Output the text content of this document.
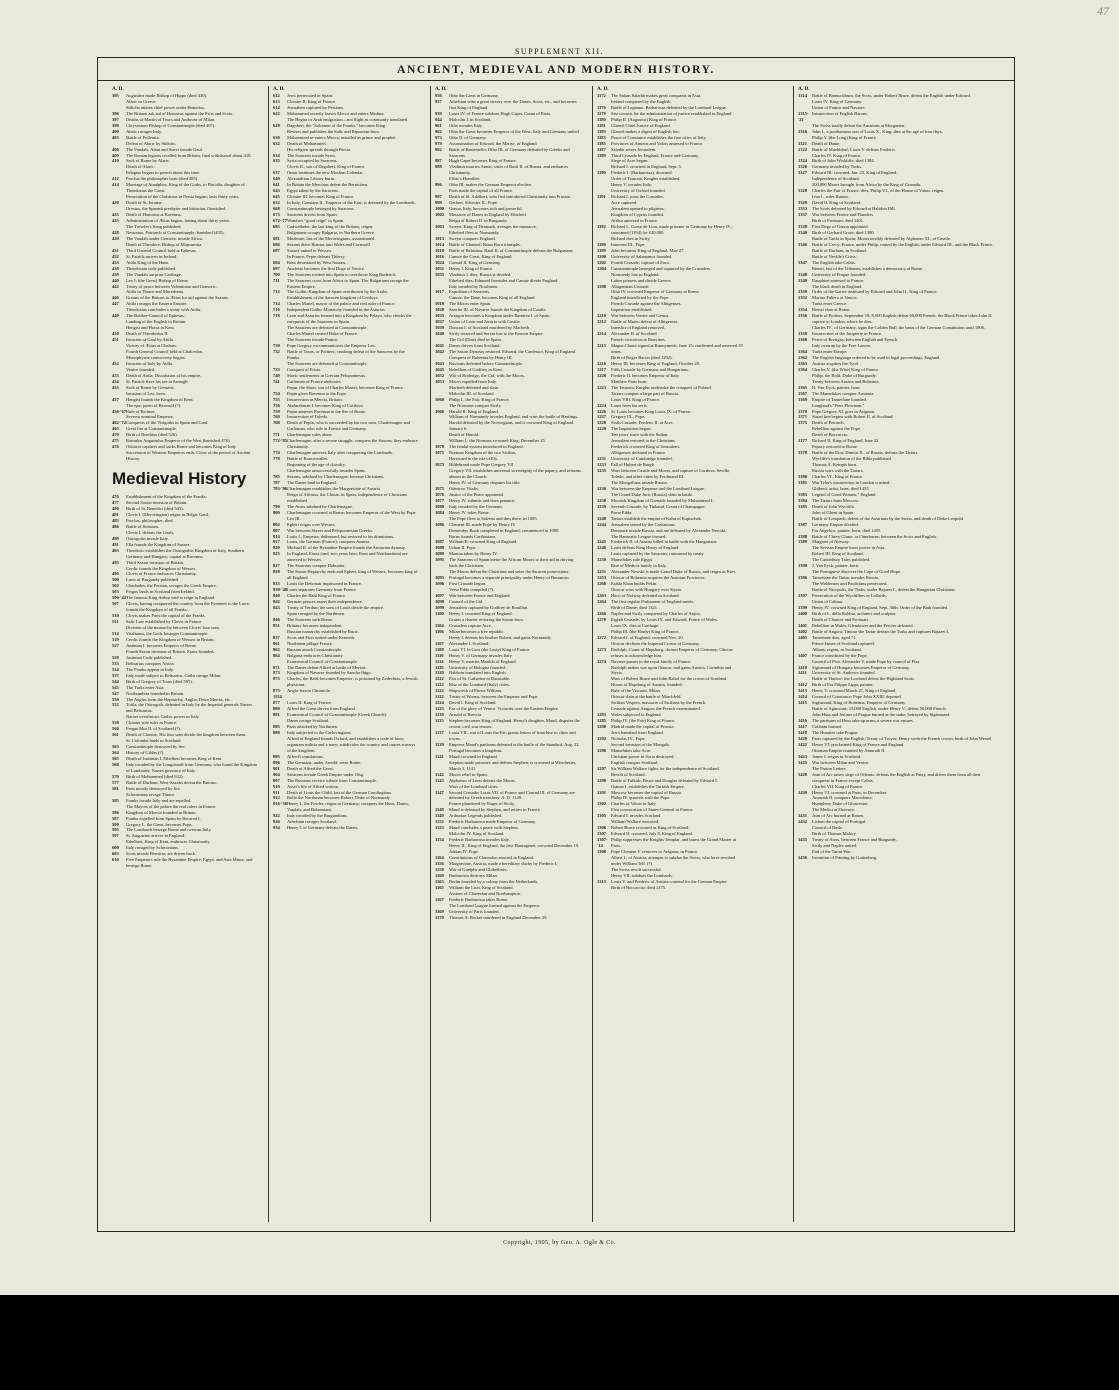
47
SUPPLEMENT XII.
ANCIENT, MEDIEVAL AND MODERN HISTORY.
A. D.
395	Augustine made Bishop of Hippo (died 430).
Alaric in Greece.
Stilicho attains chief power under Honorius.
396	The Britons ask aid of Honorius against the Picts and Scots.
397	Deaths of Martin of Tours and Ambrose of Milan.
398	Chrysostom Bishop of Constantinople (died 407).
400	Alaric ravages Italy.
403	Battle of Pollentia.
Defeat of Alaric by Stilicho.
406	The Vandals, Alani and Suevi invade Gaul.
409	The Roman legions recalled from Britain; final withdrawal about 418.
410	Sack of Rome by Alaric.
Death of Alaric.
Pelagius begins to preach about this time.
412	Proclus the philosopher born (died 485).
414	Marriage of Ataulphus, King of the Goths, to Placidia, daughter of Theodosius the Great.
Persecution of the Christians in Persia begins; lasts thirty years.
420	Death of St. Jerome.
Orosius, the Spanish presbyter and historian, flourished.
423	Death of Honorius at Ravenna.
425	Administration of Ætius begins, lasting about thirty years.
The Treveler's Song published.
428	Nestorius, Patriarch of Constantinople, banished (435).
429	The Vandals under Genseric invade Africa.
Death of Theodore, Bishop of Mopsuestia.
431	Third General Council held at Ephesus.
432	St. Patrick arrives in Ireland.
433	Attila King of the Huns.
438	Theodosian code published.
439	The Vandals surprise Carthage.
440	Leo I. (the Great) Bishop of Rome.
442	Treaty of peace between Valentinian and Genseric.
Attila in Thrace and Macedonia.
446	Groans of the Britons to Ætius for aid against the Saxons.
447	Attila ravages the Eastern Empire.
Theodosius concludes a treaty with Attila.
449	The Robber-Council of Ephesus.
Landing of the English in Britain.
Hengist and Horsa in Kent.
450	Death of Theodosius II.
451	Invasion of Gaul by Attila.
Victory of Ætius at Chalons.
Fourth General Council held at Chalcedon.
Monophysite controversy begins.
452	Invasion of Italy by Attila.
Venice founded.
453	Death of Attila. Dissolution of his empire.
454	St. Patrick fixes his see at Armagh.
455	Sack of Rome by Genseric.
Invasion of Leo, born.
457	Hengist founds the Kingdom of Kent.
The epic poem of Beowulf (?).
456-'67 Rule of Ricimer.
Severus nominal Emperor.
462-'72 Conquests of the Visigoths in Spain and Gaul.
465	Great fire at Constantinople.
470	Birth of Boethius (died 526).
475	Romulus Augustulus Emperor of the West (banished 476).
476	Odoacer captures and sacks Rome and becomes King of Italy.
Succession of Western Emperors ends. Close of the period of Ancient History.
Medieval History
476	Establishment of the Kingdom of the Franks.
477	Second Saxon invasion of Britain.
480	Birth of St. Benedict (died 543).
481	Clovis I. (Merovingian) reigns in Belgic Gaul.
485	Proclus, philosopher, died.
486	Battle of Soissons.
Clovis I. defeats the Gauls.
489	Ostrogoths invade Italy.
491	Ella founds the Kingdom of Sussex.
493	Theodoric establishes the Ostrogothic Kingdom of Italy, Southern Germany and Hungary; capital at Ravenna.
495	Third Saxon invasion of Britain.
Cerdic founds the Kingdom of Wessex.
496	Clovis of France embraces Christianity.
500	Laws of Burgundy published.
502	Charbades, the Persian, ravages the Greek Empire.
503	Fergus lands in Scotland from Ireland.
506-'42 The famous King Arthur said to reign in England.
507	Clovis, having conquered the country from the Pyrenees to the Loire, founds the Kingdom of all Franks.
510	Clovis makes Paris the capital of the Franks.
511	Salic Law established by Clovis in France.
Division of the monarchy between Clovis' four sons.
514	Vitalianus, the Goth, besieges Constantinople.
519	Cerdic founds the Kingdom of Wessex in Britain.
527	Justinian I. becomes Emperor of Rome.
Fourth Saxon invasion of Britain. Essex founded.
529	Justinian Code published.
533	Belisarius conquers Africa.
534	The Franks appear in Italy.
537	Italy made subject to Belisarius. Goths ravage Milan.
544	Birth of Gregory of Tours (died 595).
545	The Turks enter Asia.
547	Northumbria founded in Britain.
550	The Angles form the Heptarchy, Anglia, Deira Mercia, etc.
552	Totila, the Ostrogoth, defeated in Italy by the Imperial generals Narses and Belisarius.
Narses overthrows Gothic power in Italy.
558	Clotaire sole ruler in France.
560	Fergus Mor II. of Scotland (?).
561	Death of Clotaire. His four sons divide the kingdom between them.
St. Colomba lands in Scotland.
563	Constantinople destroyed by fire.
564	History of Gildas (?).
565	Death of Justinian I. Ethelbert becomes King of Kent.
568	Italy invaded by the Longobardi from Germany, who found the Kingdom of Lombardy. Narses governor of Italy.
570	Birth of Mohammed (died 632).
577	Battle of Durham; West-Saxons defeat the Britons.
581	Paris mostly destroyed by fire.
Sclavonians ravage Thrace.
585	Franks invade Italy and are repelled.
The Mayors of the palace the real rulers in France.
586	Kingdom of Mercia founded in Britain.
587	Franks expelled from Spain by Recared I.
590	Gregory I., the Great, becomes Pope.
595	The Lombards besiege Rome and overrun Italy.
597	St. Augustine arrives in England.
Ethelbert, King of Kent, embraces Christianity.
600	Italy ravaged by Sclavonians.
603	Scots invade Bernicia; are driven back.
610	Five Emperors rule the Byzantine Empire; Egypt, and Asia Minor, and besiege Rome.
A. D.
612	Jews persecuted in Spain.
613	Clotaire II. King of France.
614	Jerusalem captured by Persians.
622	Mohammed secretly leaves Mecca and enters Medina.
The Hegira or Arab emigration—not flight as commonly translated.
628	Dagobert, the "Solomon of the Franks," becomes King.
Revises and publishes the Salic and Ripuarian laws.
630	Mohammed re-enters Mecca; installed as prince and prophet.
632	Death of Mohammed.
His religion spreads through Persia.
634	The Saracens invade Syria.
635	Syria occupied by Saracens.
Clovis II., son of Dagobert, King of France.
637	Omar institutes the new Moslem Calendar.
640	Alexandrian Library burnt.
641	In Britain the Mercians defeat the Bernicians.
643	Egypt taken by the Saracens.
645	Clotaire III. becomes King of France.
652	In Italy, Constans II., Emperor of the East, is defeated by the Lombards.
668	Constantinople besieged by Saracens.
673	Saracens driven from Spain.
672-'77 Wamba's "good reign" in Spain.
685	Cadwallader, the last king of the Britons, reigns.
Bulgarians occupy Bulgaria, in Northern Greece.
681	Moderate, last of the Merovingians, assassinated.
686	Saxons drive Britons into Wales and Cornwall.
687	Sussex united to Wessex.
In France, Pepin defeats Thierry.
694	Kent devastated by West Saxons.
697	Anafesto becomes the first Doge of Venice.
709	The Saracens invited into Spain to overthrow King Roderick.
711	The Saracens cross from Africa to Spain. The Bulgarians ravage the Eastern Empire.
712	The Gothic Kingdom of Spain overthrown by the Arabs.
Establishment of the Saracen kingdom of Cordova.
714	Charles Martel, mayor of the palace and real ruler of France.
716	Independent Gothic Monarchy founded in the Asturias.
718	Leon and Asturias formed into a Kingdom by Pelayo, who checks the conquests of the Saracens in Spain.
The Saracens are defeated at Constantinople.
Charles Martel created Duke of France.
The Saracens invade France.
730	Pope Gregory excommunicates the Emperor Leo.
732	Battle of Tours, or Poitiers; crushing defeat of the Saracens by the Franks.
The Saracens are defeated at Constantinople.
733	Conquest of Frisia.
740	Slavic settlements in Grecian Peloponnesus.
741	Carloman of France abdicates.
Pepin, the Short, son of Charles Martel, becomes King of France.
754	Pepin gives Ravenna to the Pope.
755	Insurrection in Mercia, Britain.
756	Abdurahman I. becomes King of Cordova.
759	Pepin annexes Ravenna to the See of Rome.
760	Insurrection of Toledo.
768	Death of Pepin, who is succeeded by his two sons, Charlemagne and Carloman, who rule in France and Germany.
771	Charlemagne rules alone.
772-'85 Charlemagne, after a severe struggle, conquers the Saxons; they embrace Christianity.
774	Charlemagne annexes Italy after conquering the Lombards.
778	Battle of Roncesvalles.
Beginning of the age of chivalry.
Charlemagne unsuccessfully invades Spain.
785	Saxons, subdued by Charlemagne, become Christians.
787	The Danes land in England.
793-'96 Charlemagne establishes the Margraviate of Austria.
Reign of Alfonso, the Chaste, in Spain; independence of Christians established.
799	The Avars subdued by Charlemagne.
800	Charlemagne crowned at Rome; becomes Emperor of the West by Pope Leo III.
802	Egbert reigns over Wessex.
807	War between Slaves and Peloponnesian Greeks.
814	Louis I., Emperor, dethroned, but restored to his dominions.
817	Louis, the German (France), conquers Austria.
820	Michael II. of the Byzantine Empire founds the Armorian dynasty.
825	In England, Essex (and, two years later, Kent and Northumbria) are annexed to Wessex.
827	The Saracens conquer Dalmatia.
828	The Saxon Heptarchy ends and Egbert, king of Wessex, becomes king of all England.
833	Louis the Debonair imprisoned in France.
839-'40 Louis separates Germany from France.
840	Charles the Bald King of France.
842	German princes assert their independence.
843	Treaty of Verdun; the sons of Louis divide the empire.
Spain ravaged by the Northmen.
846	The Saracens sack Rome.
851	Brittany becomes independent.
Russian monarchy established by Ruric.
857	Scots and Picts united under Kenneth.
861	Northmen pillage France.
862	Russian attack Constantinople.
864	Bulgaria embraces Christianity.
Ecumenical Council of Constantinople.
871	The Danes defeat Alfred at battle of Merton.
873	Kingdom of Navarre founded by Sancho Iñigo.
875	Charles, the Bald, becomes Emperor; is poisoned by Zedechias, a Jewish physician.
875-1154
Anglo-Saxon Chronicle.
877	Louis II. King of France.
880	Alfred the Great driven from England.
881	Ecumenical Council of Constantinople (Greek Church).
Danes ravage Scotland.
885	Paris attacked by Northmen.
888	Italy subjected to the Carlovingians.
Alfred of England founds Oxford, and establishes a code of laws; organizes militia and a navy; subdivides the country and causes surveys of the kingdom.
895	Alfred's translations.
896	The Germans, under Arnold, seize Rome.
901	Death of Alfred the Great.
904	Saracens invade Greek Empire under Olsg.
907	The Russians receive tribute from Constantinople.
910	Asser's life of Alfred written.
911	Death of Louis the Child, last of the German Carolingians.
912	Rollo the Northman becomes Robert, Duke of Normandy.
916-'36 Henry I., the Fowler, reigns in Germany; conquers the Huns, Danes, Vandals, and Bohemians.
922	Italy invaded by the Burgundians.
926	Athelstan ravages Scotland.
934	Henry I. of Germany defeats the Danes.
A. D.
936	Otho the Great in Germany.
937	Athelstan wins a great victory over the Danes, Scots, etc., and becomes first King of England.
939	Louis IV. of France subdues Hugh Capet, Count of Paris.
944	Malcolm I. in Scotland.
961	Otho invades Italy.
962	Otho the Great becomes Emperor of the West; Italy and Germany united.
973	Otho II. of Germany.
979	Assassination of Edward, the Martyr, of England.
982	Battle of Basientello; Otho III. of Germany defeated by Greeks and Saracens.
987	Hugh Capet becomes King of France.
988	Vladimir marries Annie, sister of Basil II. of Russia, and embraces Christianity.
Elfric's Homilies.
996	Otho III. makes the German Emperor elective.
Paris made the capital of all France.
997	Death of St. Adelbert, who first introduced Christianity into Prussia.
999	Gerbert, Silvester II., Pope.
1000	Genoa, Italy, becomes rich and powerful.
1002	Massacre of Danes in England by Ethelred.
Reign of Robert II. in Burgundy.
1003	Sweyn, King of Denmark, avenges the massacre.
Ethelred flees to Normandy.
1013	Sweyn conquers England.
1014	Battle of Clontarf; Brian Boru triumphs.
1018	Battle of Belasitza; Basil II. of Constantinople defeats the Bulgarians.
1016	Canute the Great, King of England.
1024	Conrad II. King of Germany.
1031	Henry I. King of France.
1035	Vladimir I. dies; Russia is divided.
Ethelred dies; Edmund Ironsides and Canute divide England.
Italy invaded by Northmen.
1017	Expulsion of Saracens.
Canute, the Dane, becomes King of all England.
1019	The Moors enter Spain.
1028	Sancho III. of Navarre founds the Kingdom of Castile.
1035	Arragon becomes a Kingdom under Ramirez I. of Spain.
1037	Union of Leon and Austria with Castile.
1039	Duncan I. of Scotland murdered by Macbeth.
1040	Sicily restored and Servia lost to the Eastern Empire.
The Cid (Diaz) died in Spain.
1041	Danes driven from Scotland.
1042	The Saxon Dynasty restored. Edward, the Confessor, King of England.
Conquest of Bohemia by Henry III.
1043	Russians defeated before Constantinople.
1045	Rebellion of Godfrey in Kent.
1052	War of Roderigo, the Cid, with the Moors.
1053	Moors expelled from Italy.
Macbeth defeated and slain.
Malcolm III. of Scotland.
1060	Philip I., the Fair, King of France.
The Normans conquer Sicily.
1066	Harold II. King of England.
William of Normandy invades England, and wins the battle of Hastings.
Harold defeated by the Norwegians, and is crowned King of England, January 6.
Death of Harold.
William I., the Norman, crowned King, December 25.
1070	The feudal system introduced in England.
1071	Norman Kingdom of the two Sicilies.
Hereward in the isle of Ely.
1073	Hildebrand made Pope Gregory VII.
Gregory VII. establishes universal sovereignty of the papacy, and reforms abuses in the Church.
Henry IV. of Germany disputes his title.
1075	Odericus Vitalis.
1076	Justice of the Peace appointed.
1077	Henry IV. submits and does penance.
1080	Italy invaded by the Germans.
1084	Henry IV. takes Rome.
The Pope flees to Salerno and dies there, in 1085.
1086	Clement III. made Pope by Henry IV.
Domesday Book completed in England; commenced in 1080.
Burns founds Carthusians.
1087	William II. crowned King of England.
1088	Urban II. Pope.
1089	Mantua taken by Henry IV.
1095	The Saracens of Spain invite the African Moors to their aid in driving back the Christians.
The Moors defeat the Christians and seize the Saracen possessions.
1095	Portugal becomes a separate principality under Henry of Besancon.
1096	First Crusade begun.
Verse Edda compiled (?).
1097	War between France and England.
1098	Council of the Cid.
1099	Jerusalem captured by Godfrey de Bouillon.
1100	Henry I. crowned King of England.
Grants a charter restoring the Saxon laws.
1104	Crusaders capture Acre.
1106	Milan becomes a free republic.
Henry I. defeats his brother Robert, and gains Normandy.
1107	Alexander I. Scotland.
1108	Louis VI. le Gros (the Lusty) King of France.
1110	Henry V. of Germany invades Italy.
1114	Henry V. marries Matilda of England.
1119	University of Bologna founded.
1120	Baldwin translated into English.
1122	Fair of St. Catherine at Dunstable.
1122	Rise of the Lombard (Italy) cities.
1122	Shipwreck of Prince William.
1122	Treaty of Worms, between the Emperor and Pope.
1124	David I. King of Scotland.
1125	Era of the glory of Venice. Victories over the Eastern Empire.
1130	Arnold of Brescia.
1135	Stephen becomes King of England. Henry's daughter, Maud, disputes the crown; civil war ensues.
1137	Louis VII., son of Louis the Fat; grants letters of franchise to cities and towns.
1139	Empress Maud's partisans defeated at the battle of the Standard, Aug. 22.
Portugal becomes a kingdom.
1141	Maud crowned in England.
Stephen made prisoner, and defeats Stephen; is crowned at Winchester, March 3, 1141.
1142	Moors rebel in Spain.
1143	Alphonso of Leon defeats the Moors.
Wars of the Lombard cities.
1147	Second Crusade; Louis VII. of France and Conrad III. of Germany are defeated by Greek treachery. A. D. 1149.
France plundered by Roger of Sicily.
1148	Maud is defeated by Stephen, and retires to France.
1149	Arthurian Legends published.
1152	Frederic Barbarossa made Emperor of Germany.
1153	Maud concludes a peace with Stephen.
Malcolm IV. King of Scotland.
1154	Frederic Barbarossa invades Italy.
Henry II., King of England, the first Plantagenet, crowned December 19.
Adrian IV. Pope.
1164	Constitutions of Clarendon enacted in England.
1156	Margraviate, Austria, made a hereditary duchy by Frederic I.
1158	War of Guelphs and Ghibellines.
1160	Barbarossa destroys Milan.
1163	Berlin founded by a colony from the Netherlands.
1165	William the Lion, King of Scotland.
Assizes of Clarendon and Northampton.
1167	Frederic Barbarossa takes Rome.
The Lombard League formed against the Emperor.
1169	University of Paris founded.
1170	Thomas A. Becket murdered in England December 29.
A. D.
1172	The Sultan Saladin makes great conquests in Asia.
Ireland conquered by the English.
1176	Battle of Legnano. Barbarossa defeated by the Lombard League.
1179	Sixt circuits for the administration of justice established in England.
1180	Philip II. (Augustus) King of France.
1181	Glanvil Chief Justice of England.
1183	Glanvil makes a digest of English law.
1183	Peace of Constance establishes the free cities of Italy.
1185	Provinces of Amiens and Valois annexed to France.
1187	Saladin seizes Jerusalem.
1189	Third Crusade by England, France and Germany.
Siege of Acre begun.
Richard I. crowned in England, Sept. 3.
1190	Frederic I. (Barbarossa), drowned.
Order of Teutonic Knights established.
Henry V. invades Italy.
University of Oxford founded.
1191	Richard I. joins the Crusades.
Acre captured.
Jerusalem opened to pilgrims.
Kingdom of Cyprus founded.
Arthur annexed to France.
1192	Richard I., Coeur de Lion, made prisoner in Germany by Henry IV.; ransomed (1194) for £40,000.
Richard dies in Sicily.
1198	Innocent III., Pope.
1199	John becomes King of England, May 27.
1200	University of Salamanca founded.
1202	Fourth Crusade; capture of Zora.
1204	Constantinople besieged and captured by the Crusaders.
Normandy lost to England.
Latins possess and divide Greece.
1208	Albigensian Crusade.
Otho IV. crowned Emperor of Germany at Rome.
England interdicted by the Pope.
French Crusade against the Albigenses.
Inquisition established.
1210	War between Venice and Genoa.
1212	Battle of Muret; defeat of Albigenses.
Interdict of England removed.
1214	Alexander II. of Scotland.
French victorious at Bouvines.
1215	Magna Charta signed at Runnymede, June 15; confirmed and renewed 19 times.
Birth of Roger Bacon (died 1292).
1216	Henry III. becomes King of England, October 28.
1217	Fifth Crusade by Germans and Hungarians.
1220	Frederic II. becomes Emperor of Italy.
Matthew Paris born.
1223	The Teutonic Knights undertake the conquest of Poland.
Tartars conquer a large part of Russia.
Louis VIII. King of France.
1224	Louis frees his serfs.
1226	St. Louis becomes King Louis IX. of France.
1227	Gregory IX., Pope.
1228	Sixth Crusade; Frederic II. at Acre.
1229	The Inquisition begun.
Ten years' truce with the Sultan.
Jerusalem restored to the Christians.
Frederick crowned King of Jerusalem.
Albigenses defeated in France.
1231	University of Cambridge founded.
1233	Fall of Hubert de Burgh.
1235	Wars between Castile and Moors, and capture of Cordova, Seville, Toledo, and other cities by Ferdinand III.
The Mongolians invade Russia.
1236	War between the Emperor and the Lombard League.
The Grand Duke Juric (Russia) slain in battle.
1238	Moorish Kingdom of Grenada founded by Mohammed I.
1239	Seventh Crusade, by Thibaud, Count of Champagne.
Prose Edda.
1240	Tartars establish the empire of Kahn of Kaptschak.
1244	Jerusalem seized by the Carismians.
Denmark invade Russia, and are defeated by Alexander Newski.
The Hanseatic League formed.
1245	Frederick II. of Austria killed in battle with the Hungarians.
1248	Louis defeats King Henry of England.
Louis captured by the Saracens; ransomed by treaty.
1250	Mamelukes rule Egypt.
Rise of Medicis family in Italy.
1251	Alexander Newski is made Grand Duke of Russia, and reigns at Kiev.
1253	Ottocar of Bohemia acquires the Austrian Provinces.
1260	Kubla Khan builds Pekin.
Ottocar wars with Hungary over Styria.
1263	Haco of Norway defeated in Scotland.
1264	The first regular Parliament of England meets.
Birth of Dante; died 1321.
1266	Naples and Sicily conquered by Charles of Anjou.
1270	Eighth Crusade, by Louis IX. and Edward, Prince of Wales.
Louis IX. dies at Carthage.
Philip III. (the Hardy) King of France.
1272	Edward I. of England; crowned Nov. 20.
Ottocar declines the Imperial Crown of Germany.
1273	Rudolph, Count of Hapsburg, chosen Emperor of Germany; Ottocar refuses to acknowledge him.
1274	Navarre passes to the royal family of France.
Rudolph makes war upon Ottocar, and gains Austria, Corinthia and Styria.
Wars of Robert Bruce and John Baliol for the crown of Scotland.
House of Hapsburg of Austria, founded.
Rule of the Visconti, Milan.
Ottocar slain at the battle of Marchfeld.
Sicilian Vespers, massacre of Sicilians by the French.
Crusade against Aragon; the French exterminated.
1283	Wales subjected to England.
1285	Philip IV. (the Fair) King of France.
1290	Madrid made the capital of Prussia.
Jews banished from England.
1292	Nicholas IV., Pope.
Second invasion of the Mongols.
1296	Mamelukes take Acre.
Christian power in Syria destroyed.
English conquer Scotland.
1297	Sir William Wallace fights for the independence of Scotland.
Revolt of Scotland.
1298	Battle of Falkirk; Bruce and Douglas defeated by Edward I.
Osman I. establishes the Turkish Empire.
1301	Moscow becomes the capital of Russia.
Philip IV. quarrels with the Pope.
1302	Charles of Valois in Italy.
First convocation of States-General in France.
1305	Edward I. invades Scotland.
William Wallace executed.
1306	Robert Bruce crowned as King of Scotland.
1307	Edward II. crowned, July 8, King of England.
1307-'14
Philip suppresses the Knights Templar, and burns the Grand Master at Paris.
1308	Pope Clement V. removes to Avignon, in France.
Albert I., of Austria, attempts to subdue the Swiss, who have revolted under William Tell. (?)
The Swiss revolt successful.
Henry VII. subdues the Lombards.
1313	Louis V. and Frederic of Austria contend for the German Empire.
Birth of Boccaccio; died 1375.
A. D.
1314	Battle of Bannockburn; the Scots, under Robert Bruce, defeat the English under Edward.
Louis IV. King of Germany.
Union of France and Navarre.
1315-'21
Insurrection of English Barons.
The Swiss totally defeat the Austrians at Morgarten.
1316	John I., a posthumous son of Louis X., King, dies at the age of four days.
Philip V. (the Long) King of France.
1321	Death of Dante.
1322	Battle of Muehldorf; Louis V. defeats Frederic.
Charles IV. King of France.
1324	Birth of John Wickliffe; died 1384.
1326	Germany invaded by Turks.
1327	Edward III. crowned, Jan. 25, King of England.
Independence of Scotland.
200,000 Moors brought from Africa by the King of Granada.
1328	Charles the Fair of France, dies; Philip VI., of the House of Valois, reigns.
Ivan I., rules Russia.
1329	David II. King of Scotland.
1333	The Scots defeated by Edward at Halidon Hill.
1337	War between France and Flanders.
Birth of Froissart; died 1401.
1338	First Doge of Genoa appointed.
1340	Birth of Gerhard Groot; died 1380.
Battle of Tarifa in Spain; Moors terribly defeated by Alphonso XI., of Castile.
1346	Battle of Crecy; France, under Philip, routed by the English, under Edward III., and the Black Prince.
Battle of Durham, in Scotland.
Battle of Neville's Cross.
1347	The English take Calais.
Rienzi, last of the Tribunes, establishes a democracy at Rome.
1348	University of Prague founded.
1349	Dauphiné annexed to France.
The black death in England.
1350	Order of the Garter instituted by Edward and John II., King of France.
1352	Marino Faliero at Venice.
Turks enter Greece.
1354	Rienzi slain at Rome.
1356	Battle of Poitiers, September 19; 8,000 English defeat 60,000 French; the Black Prince takes John II. captive to London, where he dies.
Charles IV., of Germany, signs the Golden Bull, the basis of the German Constitution until 1806.
1358	Insurrection of the Jacquerie in France.
1360	Peace of Bretigny, between English and French.
Italy overrun by the Free Lances.
1364	Turks enter Europe.
1362	The English language ordered to be used in legal proceedings, England.
1363	Austria acquires the Tyrol.
1364	Charles V. (the Wise) King of France.
Philip, the Bold, Duke of Burgundy.
Treaty between Austria and Bohemia.
1365	H. Van Eyck, painter, born.
1367	The Mamelukes conquer Armenia.
1369	Empire of Tamerlane founded.
Langland's "Piers Plowman."
1370	Pope Gregory XI. goes to Avignon.
1371	Stuart line begins with Robert II. of Scotland.
1375	Death of Petrarch.
Rebellion against the Pope.
Death of Boccaccio.
1377	Richard II. King of England, June 22.
Papacy restored to Rome.
1378	Battle of the Don; Dimitri II., of Russia, defeats the Tartars.
Wycliffe's translation of the Bible published.
Thomas A. Kempis born.
Russia wars with the Tartars.
1380	Charles VI., King of France.
1381	Wat Tyler's insurrection in London crushed.
Ghiberti, artist, born; died 1455.
1383	Legend of Good Women," England.
1384	The Tartars burn Moscow.
1385	Death of John Wycliffe.
John of Ghent in Spain.
Battle of Lempach; defeat of the Austrians by the Swiss, and death of Duke Leopold.
1387	Germany Empire divided.
Fra Angelico, painter, born; died 1455.
1388	Battle of Chevy Chase, or Otterburne, between the Scots and English.
1389	Margaret of Norway.
The Servian Empire loses power in Asia.
Robert III. King of Scotland.
The Canterbury Tales published.
1390	J. Van Eyck, painter, born.
The Portuguese discover the Cape of Good Hope.
1396	Tamerlane the Tartar, invades Russia.
The Waldenses and Paulicians persecuted.
Battle of Nicopolis, the Turks, under Bajazet I., defeat the Hungarian Christians.
1397	Persecution of the Wycliffites or Lollards.
Union of Calmar.
1399	Henry IV. crowned King of England, Sept. 30th; Order of the Bath founded.
1400	Birth of L. della Robbia, architect and sculptor.
Death of Chaucer and Froissart.
1401	Rebellion in Wales; Glendower and the Percies defeated.
1402	Battle of Angora; Timour the Tartar defeats the Turks and captures Bajazet I.
1405	Tamerlane dies, aged 71.
Prince James of Scotland captured.
Albany, regent, in Scotland.
1407	France interdicted by the Pope.
Council of Pisa. Alexander V. made Pope by council of Pisa.
1410	Sigismund of Hungary becomes Emperor of Germany.
1411	University of St. Andrews founded.
Battle of Harlaw; the Lowland defeat the Highland Scots.
1412	Birth of Fra Filippo Lippi, painter.
1413	Henry V. crowned March 21, King of England.
1414	Council of Constance; Pope John XXIII. deposed.
1415	Sigismund, King of Bohemia, Emperor of Germany.
Battle of Agincourt; 15,000 English, under Henry V., defeat 50,000 French.
John Huss and Jerome of Prague burned at the stake, betrayed by Sigismund.
1416	The partisans of Huss take up arms; a severe war ensues.
1417	Cobham burned.
1418	The Hussites take Prague.
1420	Paris captured by the English; Treaty of Troyes; Henry weds the French crown; birth of John Wessel.
1422	Henry VI. proclaimed King of France and England.
Ottoman Empire reunited by Amurath II.
1423	James I. reigns in Scotland.
1425	War between Milan and Venice.
The Paston Letters.
1428	Joan of Arc raises siege of Orleans, defeats the English at Patay, and drives them from all their conquests in France except Calais.
Charles VII. King of France.
1430	Henry VI. crowned at Paris, in December.
Amurath II. conquers Macedonia.
Humphrey Duke of Gloucester.
The Medici at Florence.
1431	Joan of Arc burned at Rouen.
1432	Lisbon the capital of Portugal.
Council of Basle.
Birth of Thomas Malory.
1435	Treaty of Arras, between France and Burgundy.
Sicily and Naples united.
End of the Tartar War.
1436	Invention of Printing by Guttenberg.
Copyright, 1905, by Geo. A. Ogle & Co.
